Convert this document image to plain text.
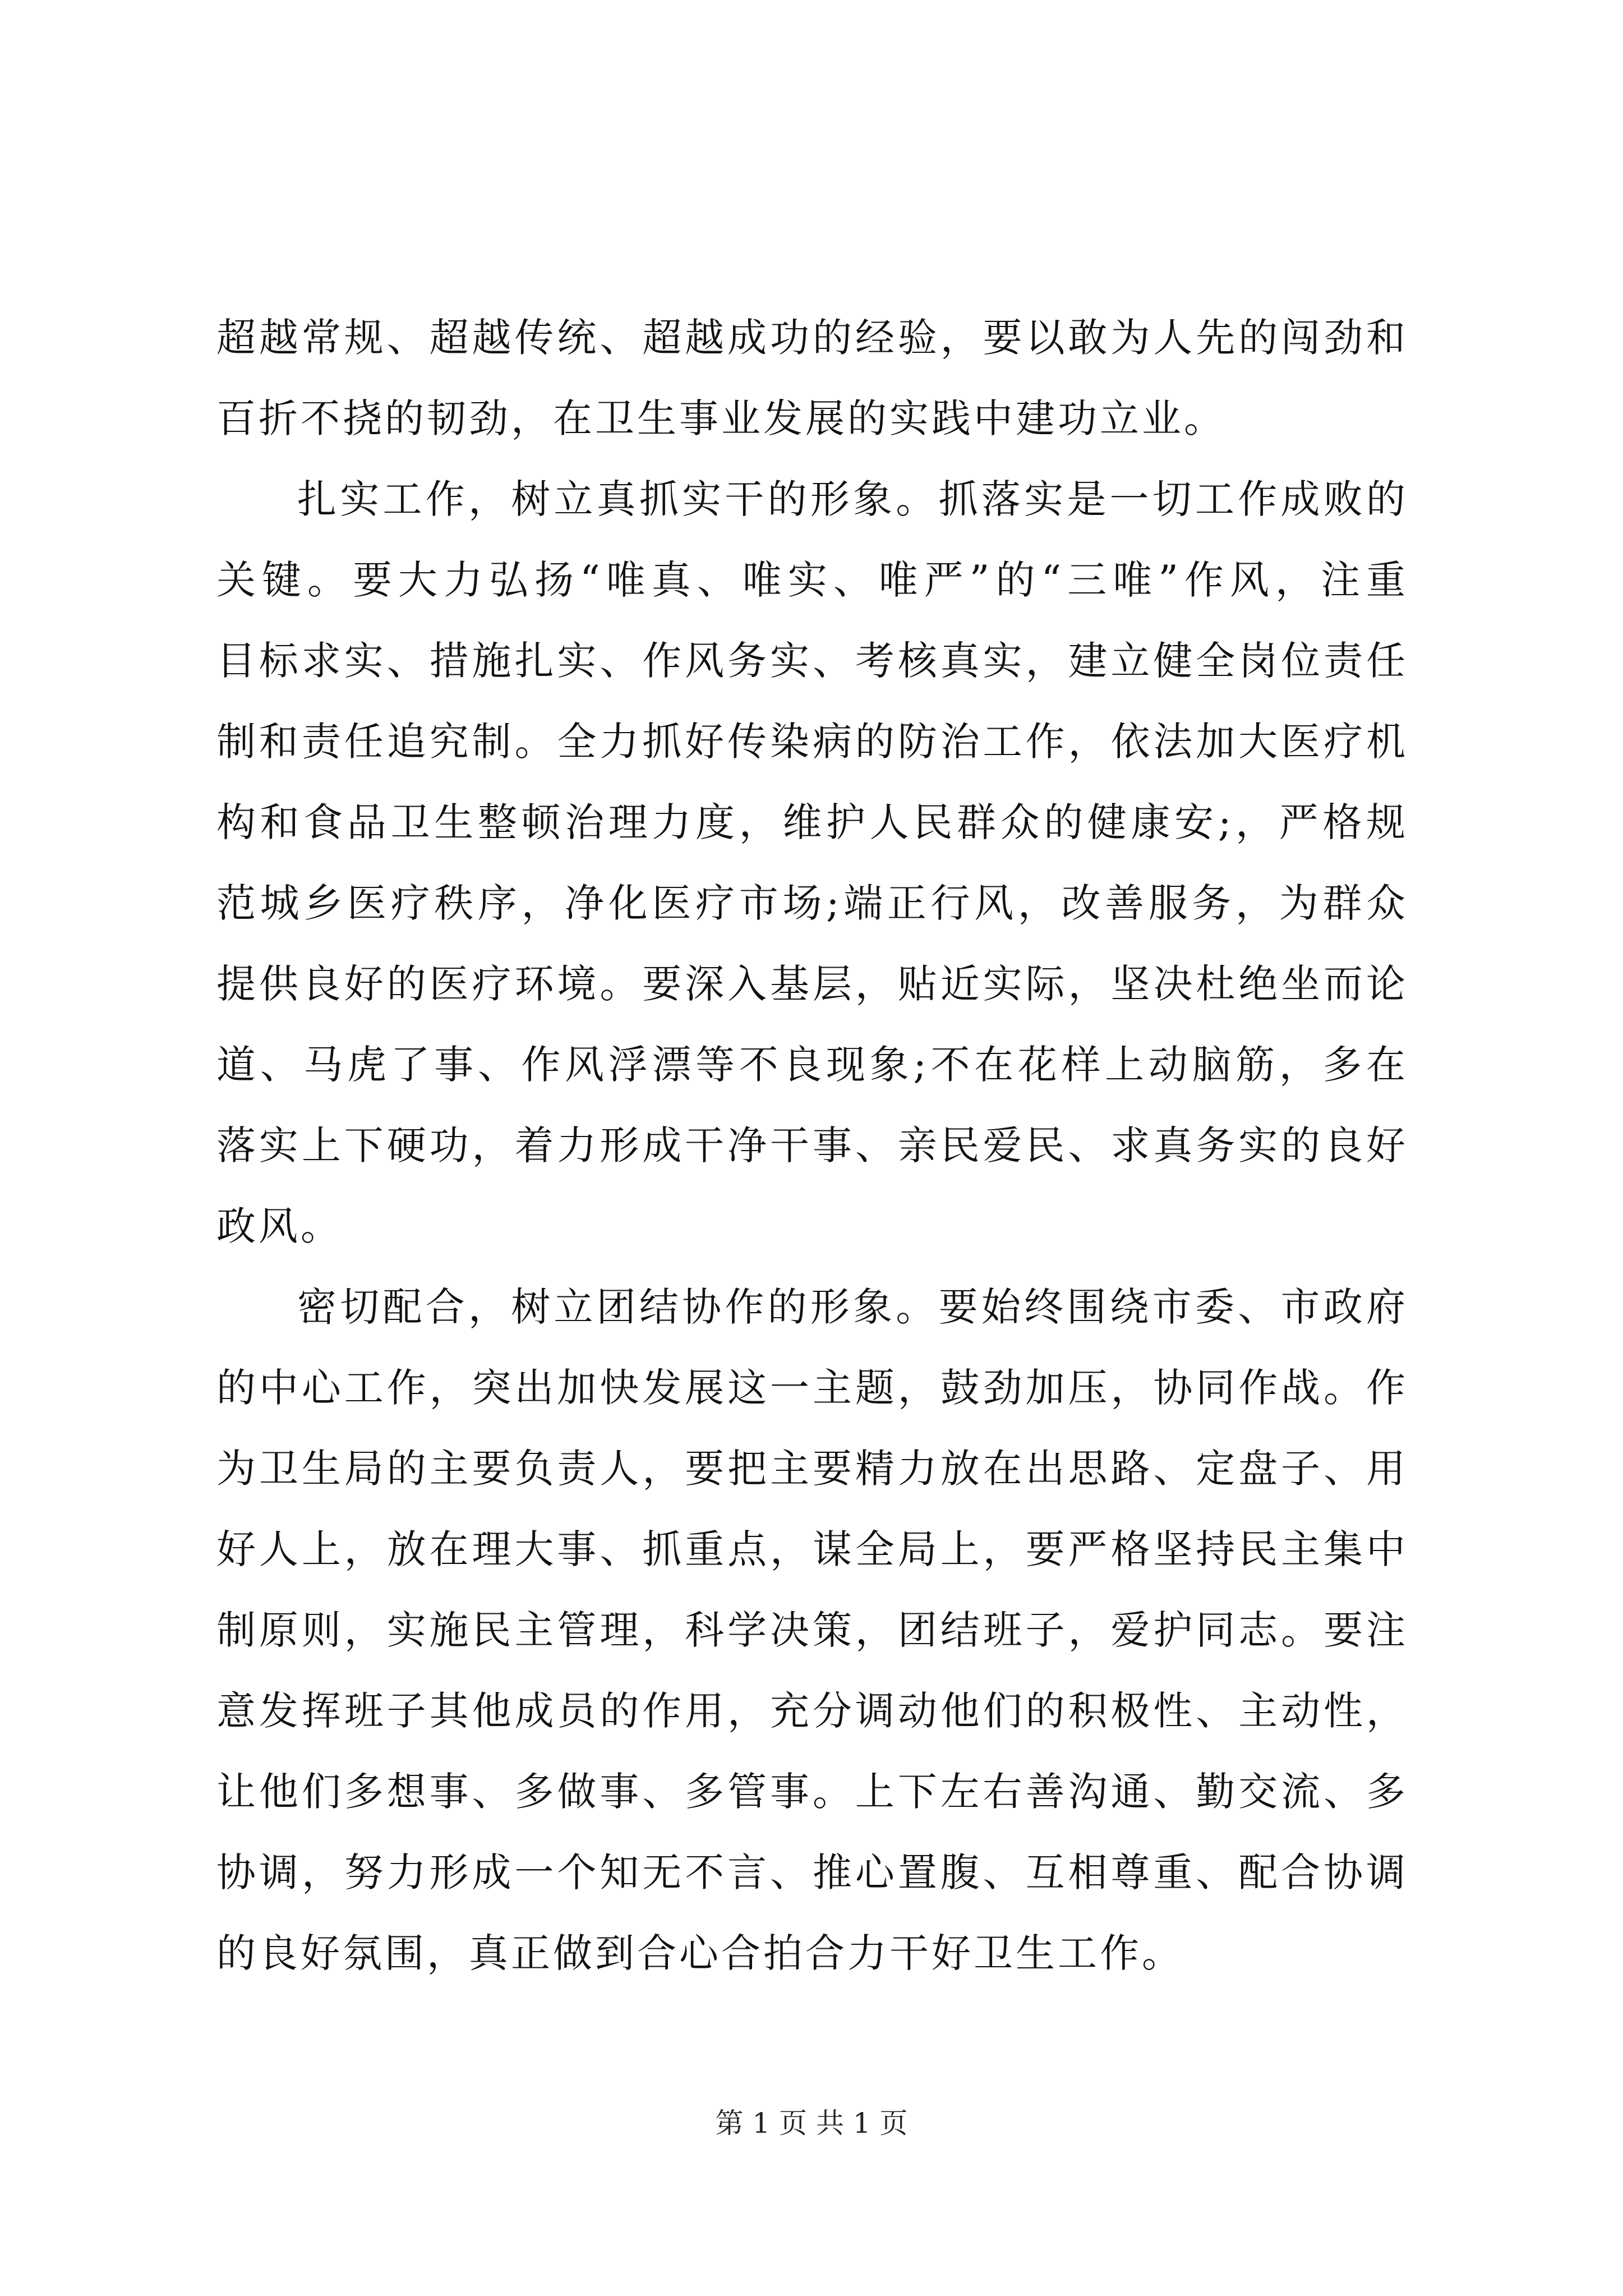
超越常规、超越传统、超越成功的经验，要以敢为人先的闯劲和
百折不挠的韧劲，在卫生事业发展的实践中建功立业。
扎实工作，树立真抓实干的形象。抓落实是一切工作成败的
关键。要大力弘扬“唯真、唯实、唯严”的“三唯”作风，注重
目标求实、措施扎实、作风务实、考核真实，建立健全岗位责任
制和责任追究制。全力抓好传染病的防治工作，依法加大医疗机
构和食品卫生整顿治理力度，维护人民群众的健康安;，严格规
范城乡医疗秩序，净化医疗市场;端正行风，改善服务，为群众
提供良好的医疗环境。要深入基层，贴近实际，坚决杜绝坐而论
道、马虎了事、作风浮漂等不良现象;不在花样上动脑筋，多在
落实上下硬功，着力形成干净干事、亲民爱民、求真务实的良好
政风。
密切配合，树立团结协作的形象。要始终围绕市委、市政府
的中心工作，突出加快发展这一主题，鼓劲加压，协同作战。作
为卫生局的主要负责人，要把主要精力放在出思路、定盘子、用
好人上，放在理大事、抓重点，谋全局上，要严格坚持民主集中
制原则，实施民主管理，科学决策，团结班子，爱护同志。要注
意发挥班子其他成员的作用，充分调动他们的积极性、主动性，
让他们多想事、多做事、多管事。上下左右善沟通、勤交流、多
协调，努力形成一个知无不言、推心置腹、互相尊重、配合协调
的良好氛围，真正做到合心合拍合力干好卫生工作。
第 1 页 共 1 页
